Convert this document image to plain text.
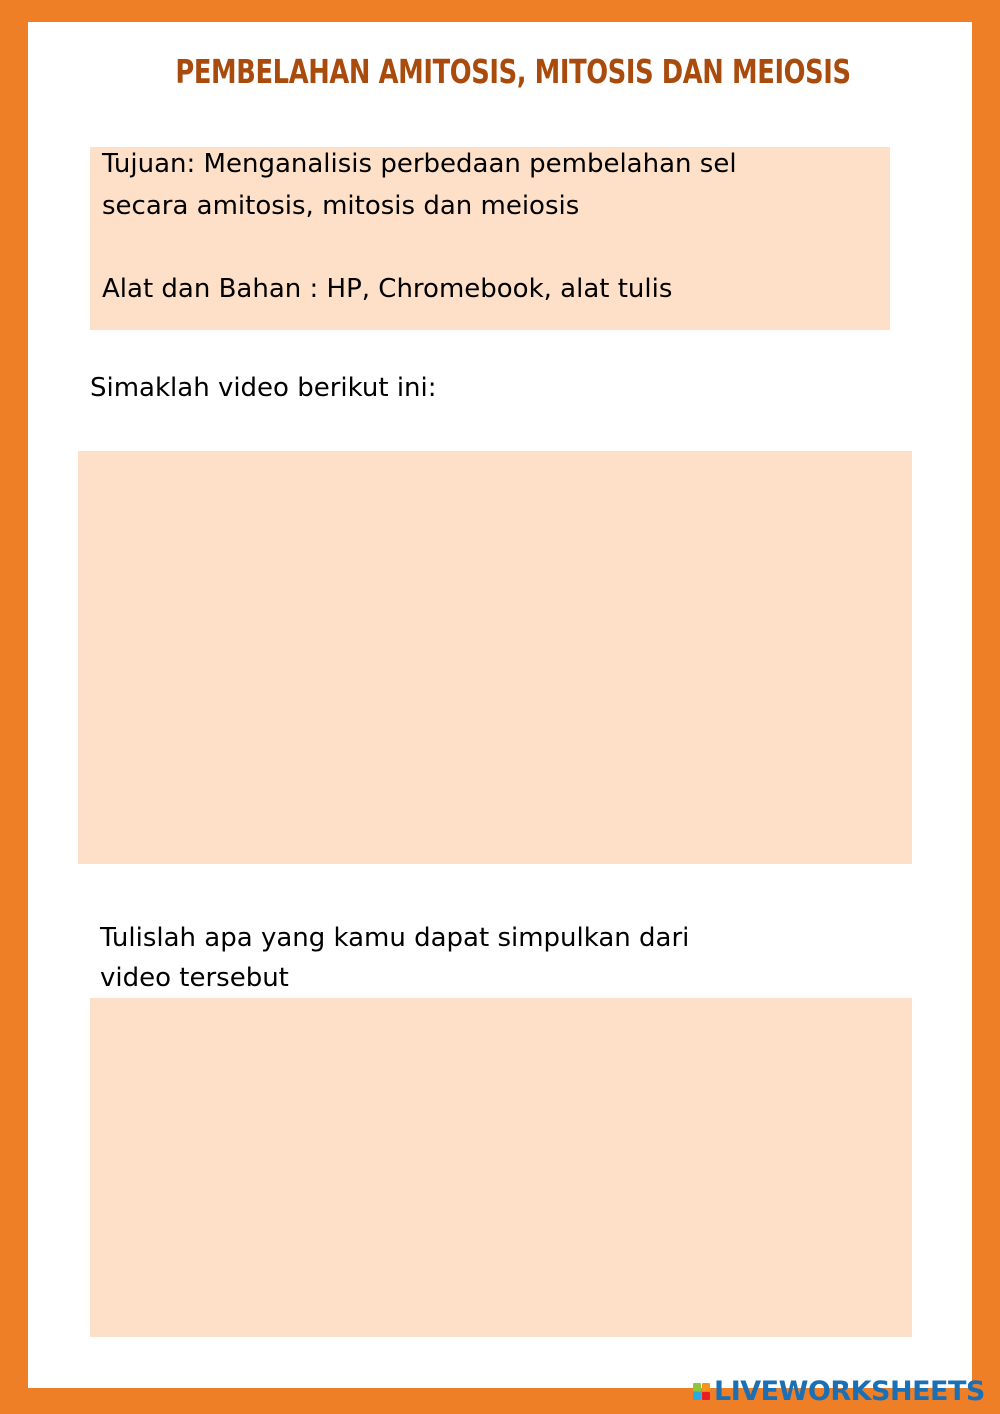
PEMBELAHAN AMITOSIS, MITOSIS DAN MEIOSIS

Tujuan: Menganalisis perbedaan pembelahan sel

secara amitosis, mitosis dan meiosis

Alat dan Bahan : HP, Chromebook, alat tulis

Simaklah video berikut ini:

Tulislah apa yang kamu dapat simpulkan dari

video tersebut

LIVEWORKSHEETS
